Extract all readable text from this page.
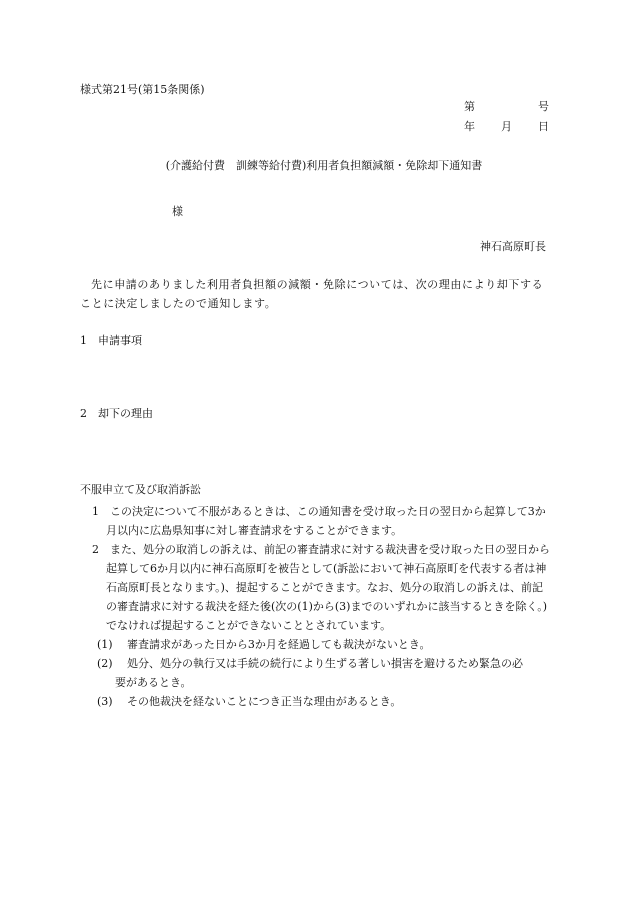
様式第21号(第15条関係)
第	号
年 月 日
(介護給付費　訓練等給付費)利用者負担額減額・免除却下通知書
様
神石高原町長
先に申請のありました利用者負担額の減額・免除については、次の理由により却下することに決定しましたので通知します。
1 申請事項
2 却下の理由
不服申立て及び取消訴訟
1　 この決定について不服があるときは、この通知書を受け取った日の翌日から起算して3か月以内に広島県知事に対し審査請求をすることができます。
2　 また、処分の取消しの訴えは、前記の審査請求に対する裁決書を受け取った日の翌日から起算して6か月以内に神石高原町を被告として(訴訟において神石高原町を代表する者は神石高原町長となります。)、提起することができます。なお、処分の取消しの訴えは、前記の審査請求に対する裁決を経た後(次の(1)から(3)までのいずれかに該当するときを除く。)でなければ提起することができないこととされています。
(1) 審査請求があった日から3か月を経過しても裁決がないとき。
(2) 処分、処分の執行又は手続の続行により生ずる著しい損害を避けるため緊急の必
要があるとき。
(3) その他裁決を経ないことにつき正当な理由があるとき。
